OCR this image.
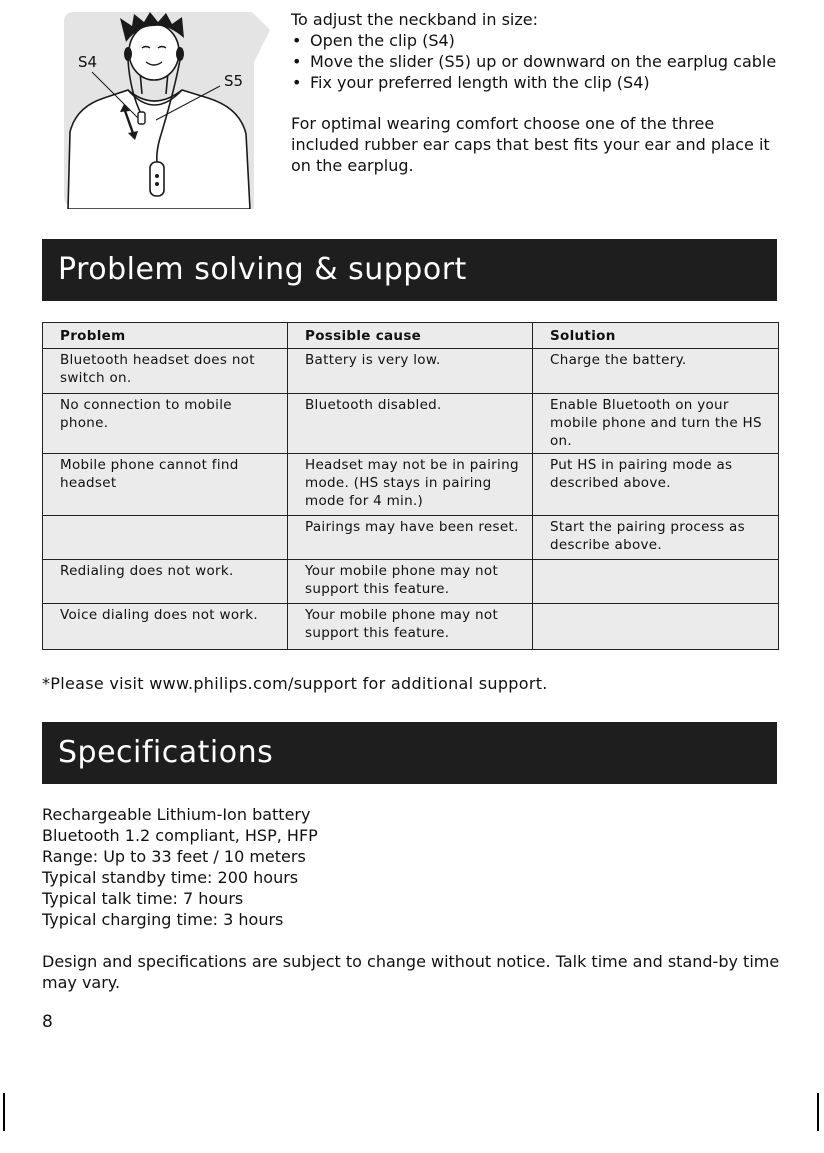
S4
S5

To adjust the neckband in size:

• Open the clip (S4)
• Move the slider (S5) up or downward on the earplug cable
• Fix your preferred length with the clip (S4)

For optimal wearing comfort choose one of the three included rubber ear caps that best fits your ear and place it on the earplug.

Problem solving & support
Problem	Possible cause	Solution
Bluetooth headset does not switch on.	Battery is very low.	Charge the battery.
No connection to mobile phone.	Bluetooth disabled.	Enable Bluetooth on your mobile phone and turn the HS on.
Mobile phone cannot find headset	Headset may not be in pairing mode. (HS stays in pairing mode for 4 min.)	Put HS in pairing mode as described above.
	Pairings may have been reset.	Start the pairing process as describe above.
Redialing does not work.	Your mobile phone may not support this feature.	
Voice dialing does not work.	Your mobile phone may not support this feature.	
*Please visit www.philips.com/support for additional support.
Specifications
Rechargeable Lithium-Ion battery
Bluetooth 1.2 compliant, HSP, HFP
Range: Up to 33 feet / 10 meters
Typical standby time: 200 hours
Typical talk time: 7 hours
Typical charging time: 3 hours
Design and specifications are subject to change without notice. Talk time and stand-by time may vary.
8
